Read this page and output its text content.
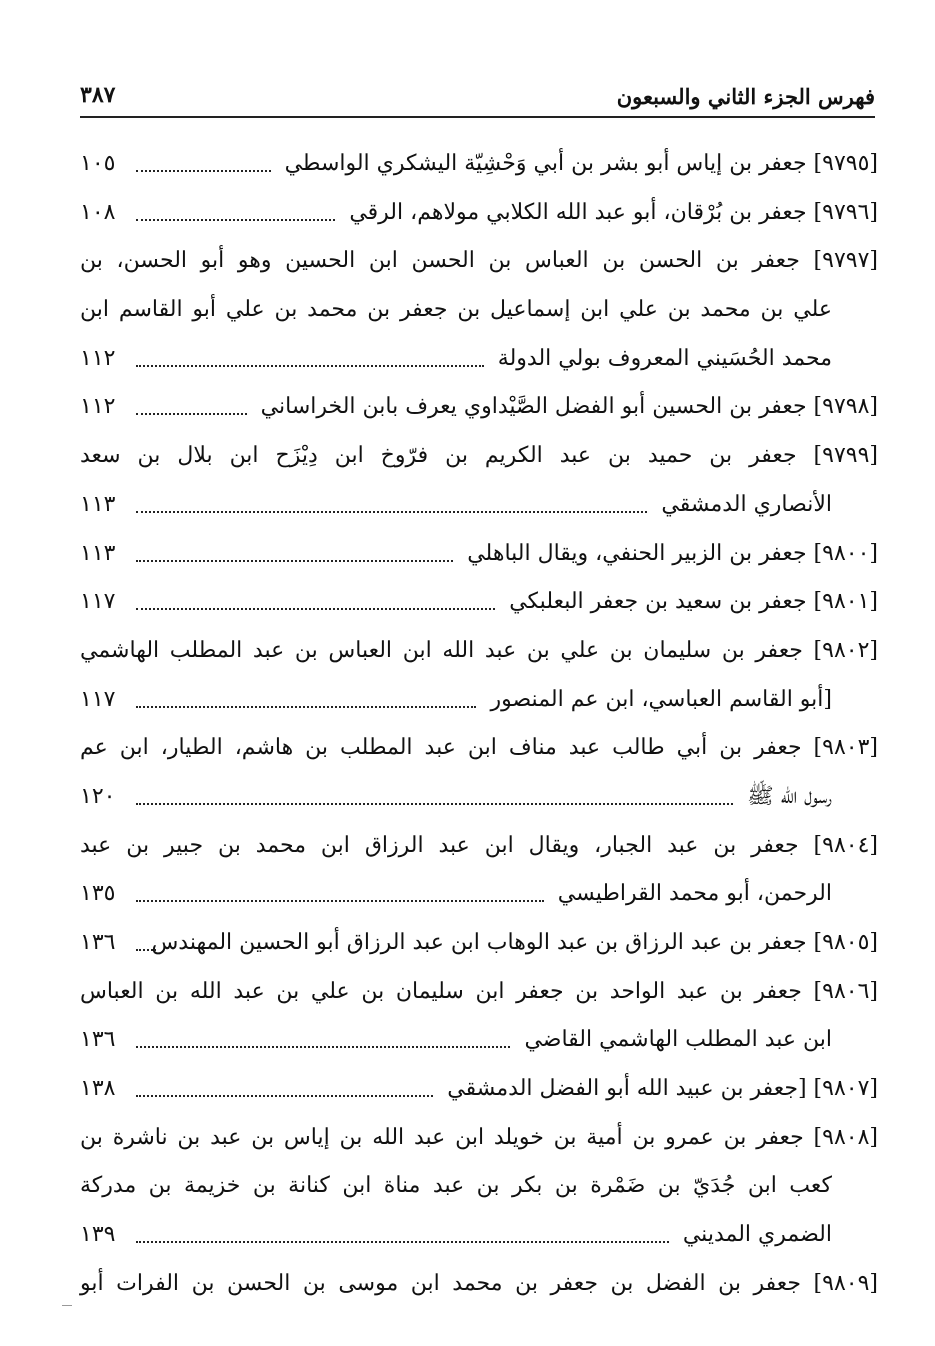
فهرس الجزء الثاني والسبعون
٣٨٧
[٩٧٩٥] جعفر بن إياس أبو بشر بن أبي وَحْشِيّة اليشكري الواسطي
١٠٥
[٩٧٩٦] جعفر بن بُرْقان، أبو عبد الله الكلابي مولاهم، الرقي
١٠٨
[٩٧٩٧] جعفر بن الحسن بن العباس بن الحسن ابن الحسين وهو أبو الحسن، بن
علي بن محمد بن علي ابن إسماعيل بن جعفر بن محمد بن علي أبو القاسم ابن
محمد الحُسَيني المعروف بولي الدولة
١١٢
[٩٧٩٨] جعفر بن الحسين أبو الفضل الصَّيْداوي يعرف بابن الخراساني
١١٢
[٩٧٩٩] جعفر بن حميد بن عبد الكريم بن فرّوخ ابن دِيْزَح ابن بلال بن سعد
الأنصاري الدمشقي
١١٣
[٩٨٠٠] جعفر بن الزبير الحنفي، ويقال الباهلي
١١٣
[٩٨٠١] جعفر بن سعيد بن جعفر البعلبكي
١١٧
[٩٨٠٢] جعفر بن سليمان بن علي بن عبد الله ابن العباس بن عبد المطلب الهاشمي
[أبو القاسم العباسي، ابن عم المنصور
١١٧
[٩٨٠٣] جعفر بن أبي طالب عبد مناف ابن عبد المطلب بن هاشم، الطيار، ابن عم
رسول الله ﷺ
١٢٠
[٩٨٠٤] جعفر بن عبد الجبار، ويقال ابن عبد الرزاق ابن محمد بن جبير بن عبد
الرحمن، أبو محمد القراطيسي
١٣٥
[٩٨٠٥] جعفر بن عبد الرزاق بن عبد الوهاب ابن عبد الرزاق أبو الحسين المهندس
١٣٦
[٩٨٠٦] جعفر بن عبد الواحد بن جعفر ابن سليمان بن علي بن عبد الله بن العباس
ابن عبد المطلب الهاشمي القاضي
١٣٦
[٩٨٠٧] [جعفر بن عبيد الله أبو الفضل الدمشقي
١٣٨
[٩٨٠٨] جعفر بن عمرو بن أمية بن خويلد ابن عبد الله بن إياس بن عبد بن ناشرة بن
كعب ابن جُدَيّ بن ضَمْرة بن بكر بن عبد مناة ابن كنانة بن خزيمة بن مدركة
الضمري المديني
١٣٩
[٩٨٠٩] جعفر بن الفضل بن جعفر بن محمد ابن موسى بن الحسن بن الفرات أبو
